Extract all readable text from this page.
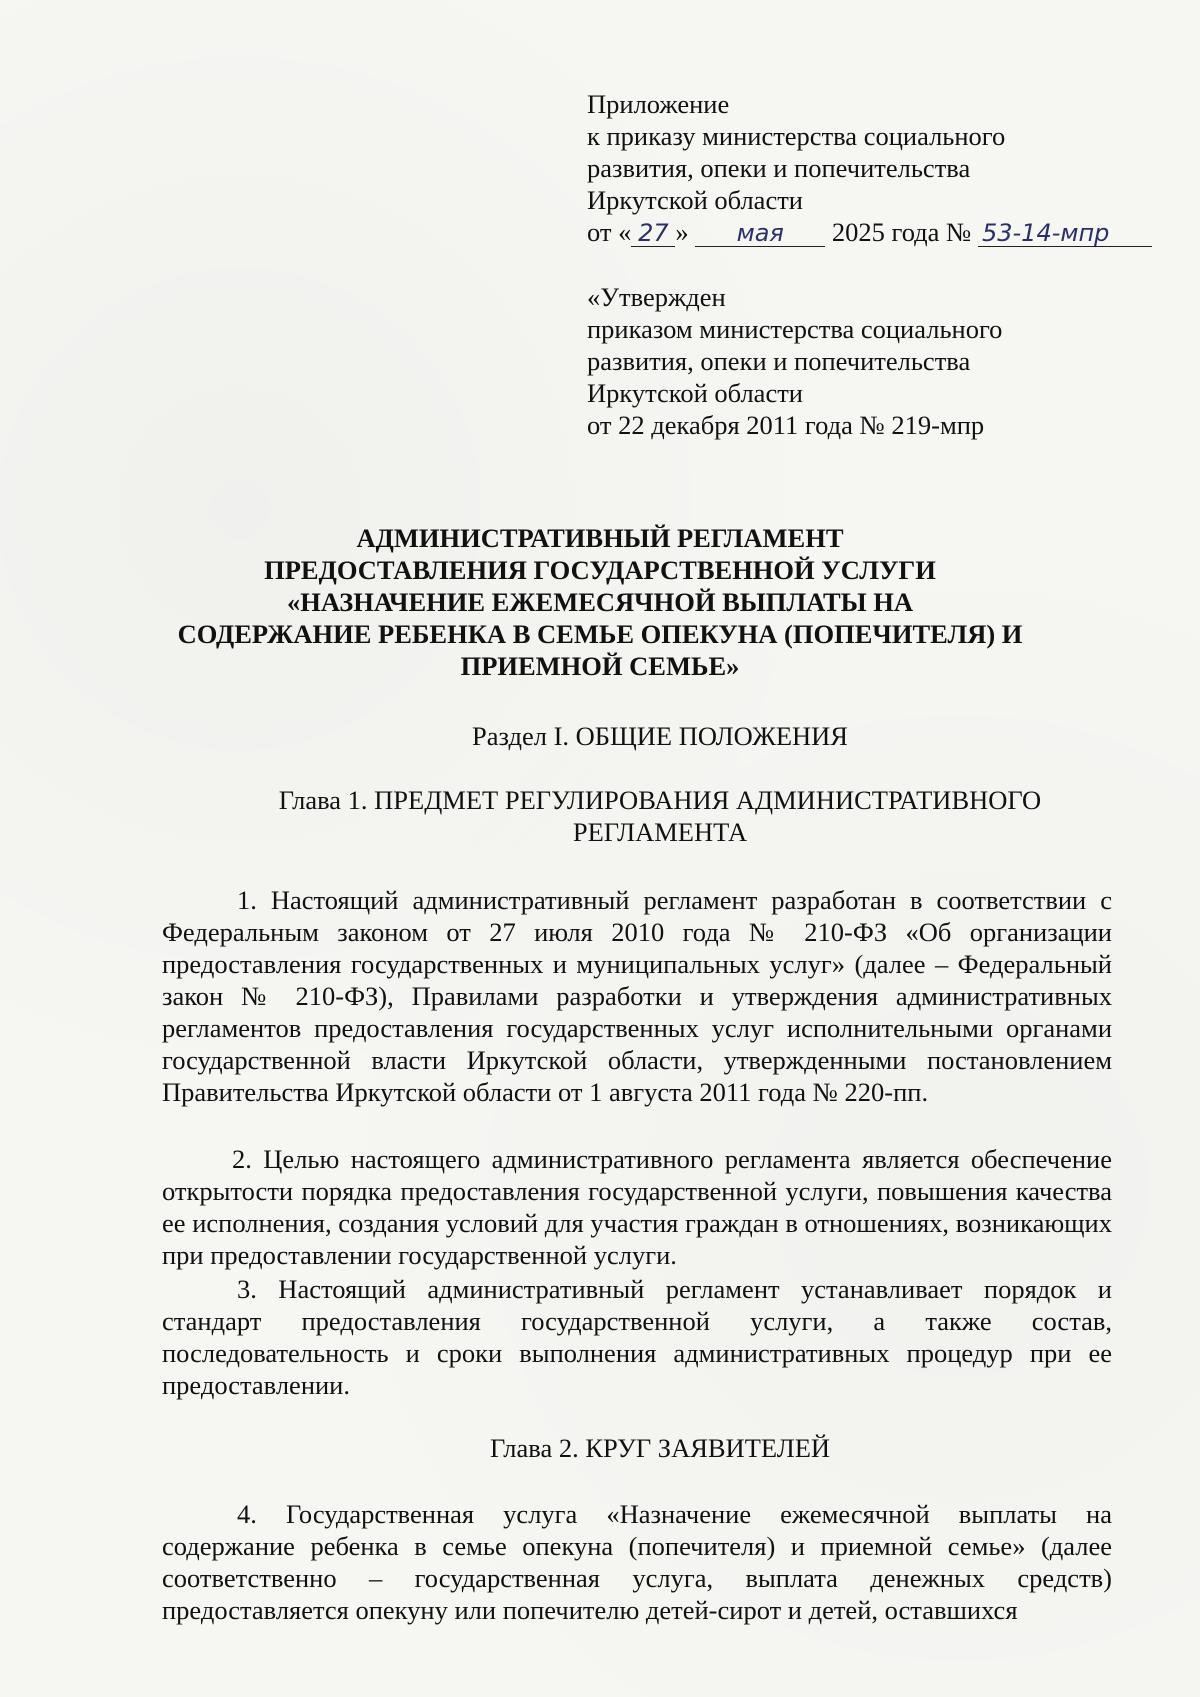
Приложение
к приказу министерства социального
развития, опеки и попечительства
Иркутской области
от « 27 » мая 2025 года № 53-14-мпр
«Утвержден
приказом министерства социального
развития, опеки и попечительства
Иркутской области
от 22 декабря 2011 года № 219-мпр
АДМИНИСТРАТИВНЫЙ РЕГЛАМЕНТ
ПРЕДОСТАВЛЕНИЯ ГОСУДАРСТВЕННОЙ УСЛУГИ
«НАЗНАЧЕНИЕ ЕЖЕМЕСЯЧНОЙ ВЫПЛАТЫ НА
СОДЕРЖАНИЕ РЕБЕНКА В СЕМЬЕ ОПЕКУНА (ПОПЕЧИТЕЛЯ) И
ПРИЕМНОЙ СЕМЬЕ»
Раздел I. ОБЩИЕ ПОЛОЖЕНИЯ
Глава 1. ПРЕДМЕТ РЕГУЛИРОВАНИЯ АДМИНИСТРАТИВНОГО
РЕГЛАМЕНТА
1. Настоящий административный регламент разработан в соответствии с Федеральным законом от 27 июля 2010 года № 210-ФЗ «Об организации предоставления государственных и муниципальных услуг» (далее – Федеральный закон № 210-ФЗ), Правилами разработки и утверждения административных регламентов предоставления государственных услуг исполнительными органами государственной власти Иркутской области, утвержденными постановлением Правительства Иркутской области от 1 августа 2011 года № 220-пп.
2. Целью настоящего административного регламента является обеспечение открытости порядка предоставления государственной услуги, повышения качества ее исполнения, создания условий для участия граждан в отношениях, возникающих при предоставлении государственной услуги.
3. Настоящий административный регламент устанавливает порядок и стандарт предоставления государственной услуги, а также состав, последовательность и сроки выполнения административных процедур при ее предоставлении.
Глава 2. КРУГ ЗАЯВИТЕЛЕЙ
4. Государственная услуга «Назначение ежемесячной выплаты на содержание ребенка в семье опекуна (попечителя) и приемной семье» (далее соответственно – государственная услуга, выплата денежных средств) предоставляется опекуну или попечителю детей-сирот и детей, оставшихся
